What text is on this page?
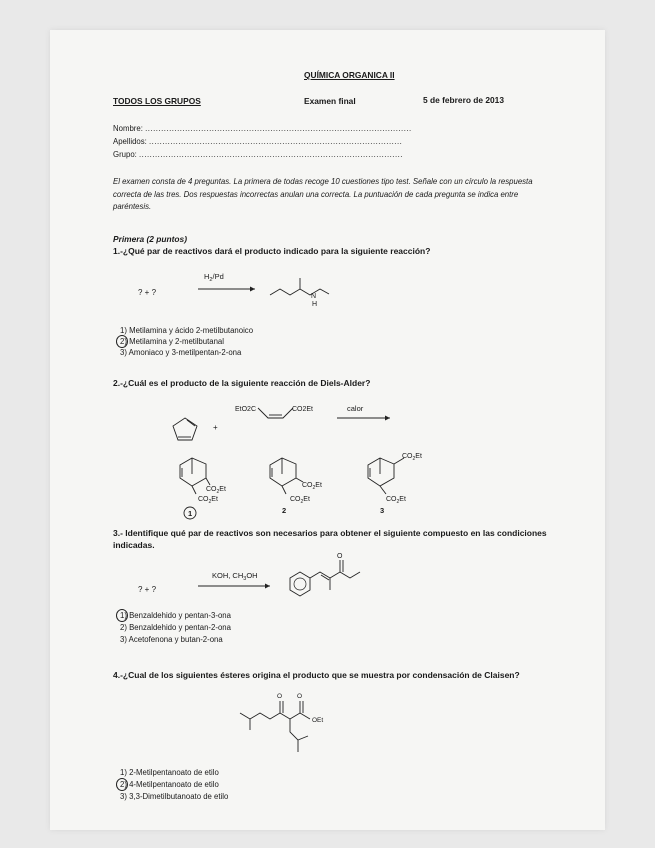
QUÍMICA ORGANICA II
TODOS LOS GRUPOS	Examen final	5 de febrero de 2013
Nombre: ....................................................................................................
Apellidos: ...............................................................................................
Grupo: ...................................................................................................
El examen consta de 4 preguntas. La primera de todas recoge 10 cuestiones tipo test. Señale con un círculo la respuesta correcta de las tres. Dos respuestas incorrectas anulan una correcta. La puntuación de cada pregunta se indica entre paréntesis.
Primera (2 puntos)
1.-¿Qué par de reactivos dará el producto indicado para la siguiente reacción?
? + ?
$H_2/Pd$
N
H
1) Metilamina y ácido 2-metilbutanoico
2) Metilamina y 2-metilbutanal
3) Amoniaco y 3-metilpentan-2-ona
2.-¿Cuál es el producto de la siguiente reacción de Diels-Alder?
+
EtO2C	CO2Et	calor
$CO_2Et$
$CO_2Et$
$CO_2Et$
$CO_2Et$
$CO_2Et$
$CO_2Et$
1	2	3
3.- Identifique qué par de reactivos son necesarios para obtener el siguiente compuesto en las condiciones indicadas.
? + ?
KOH, $CH_3OH$
O
1) Benzaldehido y pentan-3-ona
2) Benzaldehido y pentan-2-ona
3) Acetofenona y butan-2-ona
4.-¿Cual de los siguientes ésteres origina el producto que se muestra por condensación de Claisen?
O O
OEt
1) 2-Metilpentanoato de etilo
2) 4-Metilpentanoato de etilo
3) 3,3-Dimetilbutanoato de etilo
